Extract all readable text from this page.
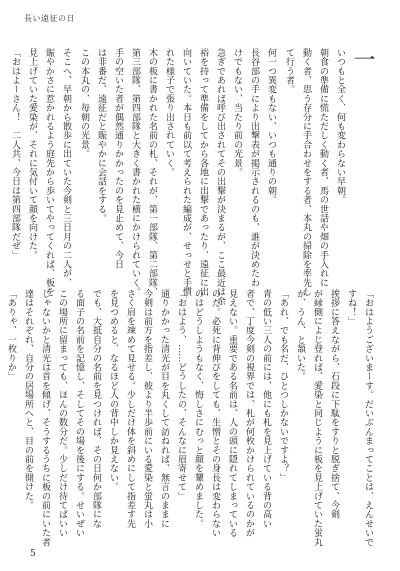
長い遠征の日

一

いつもと全く、何も変わらない早朝。

朝食の準備に慌ただしく動く者、馬の世話や畑の手入れに

動く者、思う存分に手合わせをする者、本丸の掃除を率先し

て行う者。

何一つ異変もない、いつも通りの朝。

長谷部の手により出撃表が掲示されるのも、誰が決めたわ

けでもない、当たり前の光景。

急ぎであれば呼び出されてその出撃が決まるが、ここ最近は余

裕を持って準備をしてから各地に出撃であったり、遠征に出

向いていた。本日も前以て考えられた編成が、せっせと手慣

れた様子で張り出されていく。

木の板に書かれた名前の札、それが、第一部隊、第二部隊、

第三部隊、第四部隊と大きく書かれた横にかけられていく。

手の空いた者が偶然通りかかったのを見止めて、今日

は非番だ、遠征だと賑やかに会話をする。

この本丸の、毎朝の光景。

そこへ、早朝から散歩に出ていた今剣と三日月の二人が、

賑やかさに惹かれるよう庭先から歩いてやってくれば、板を

見上げていた愛染が、それに気付いて顔を向けた。

「おはよーさん！　二人共、今日は第四部隊だぜ」

「おはようございまーす。だいぶんまってことは、えんせいで

すね！」

挨拶に答えながら、石段に下駄をすりと脱ぎ捨て、今剣

が縁側によじ登れば、愛染と同じように板を見上げていた蛍丸

が、うん、と頷いた。

「あれ、でも名だ、ひとつしかないですよ？」

青の低い三人の前には、他にも札を見上げている背の高い

者で、丁度今剣の視界では、札が何枚かけられているのかが

見えない。重要である名前は、人の頭に隠れてしまっている

のだ。必死に背伸びをしても、生憎とその身長は変わらない

のはどうしようもなく、悔しさにむっと顔を顰めました。

「おはよう、……どうしたの、そんなに眉寄せて」

通りかかった清光が目を丸くして訪ねれば、無言のままに

今剣は前方を指差し、彼より半歩前にいる愛染と蛍丸は小

さく肩を竦めて見せる。少しだけ体を斜めにして指差す先

を見つめると、なるほど人の背中しか見えない。

でも、大抵自分の名前を見つければ、その日何か部隊にな

る面子の名前を記憶し、そしてその場を後にする。せいぜい

この場所に留まっても、ほんの数分だ。少しだけ待てばいい

じゃないかと清光は首を傾げ、そうするうちに板の前にいた者

達はそれぞれ、自分の居場所へと、目の前を開けた。

「ありゃ、一枚りか」

5
